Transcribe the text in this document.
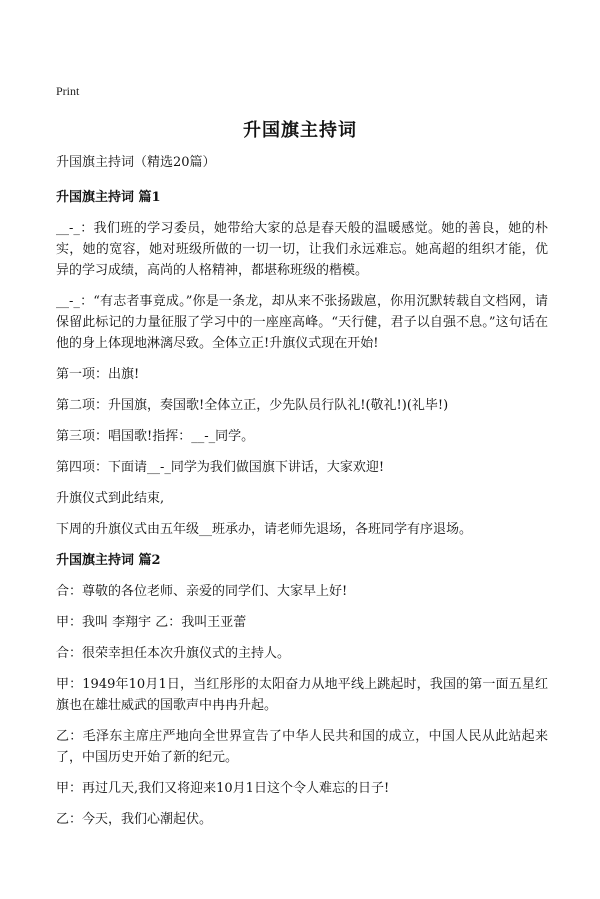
Print
升国旗主持词

升国旗主持词（精选20篇）

升国旗主持词 篇1

__-_：我们班的学习委员，她带给大家的总是春天般的温暖感觉。她的善良，她的朴实，她的宽容，她对班级所做的一切一切，让我们永远难忘。她高超的组织才能，优异的学习成绩，高尚的人格精神，都堪称班级的楷模。

__-_：“有志者事竟成。”你是一条龙，却从来不张扬跋扈，你用沉默转载自文档网，请保留此标记的力量征服了学习中的一座座高峰。“天行健，君子以自强不息。”这句话在他的身上体现地淋漓尽致。全体立正!升旗仪式现在开始!

第一项：出旗!

第二项：升国旗，奏国歌!全体立正，少先队员行队礼!(敬礼!)(礼毕!)

第三项：唱国歌!指挥：__-_同学。

第四项：下面请__-_同学为我们做国旗下讲话，大家欢迎!

升旗仪式到此结束,

下周的升旗仪式由五年级__班承办，请老师先退场，各班同学有序退场。

升国旗主持词 篇2

合：尊敬的各位老师、亲爱的同学们、大家早上好!

甲：我叫 李翔宇 乙：我叫王亚蕾

合：很荣幸担任本次升旗仪式的主持人。

甲：1949年10月1日，当红彤彤的太阳奋力从地平线上跳起时，我国的第一面五星红旗也在雄壮威武的国歌声中冉冉升起。

乙：毛泽东主席庄严地向全世界宣告了中华人民共和国的成立，中国人民从此站起来了，中国历史开始了新的纪元。

甲：再过几天,我们又将迎来10月1日这个令人难忘的日子!

乙：今天，我们心潮起伏。
